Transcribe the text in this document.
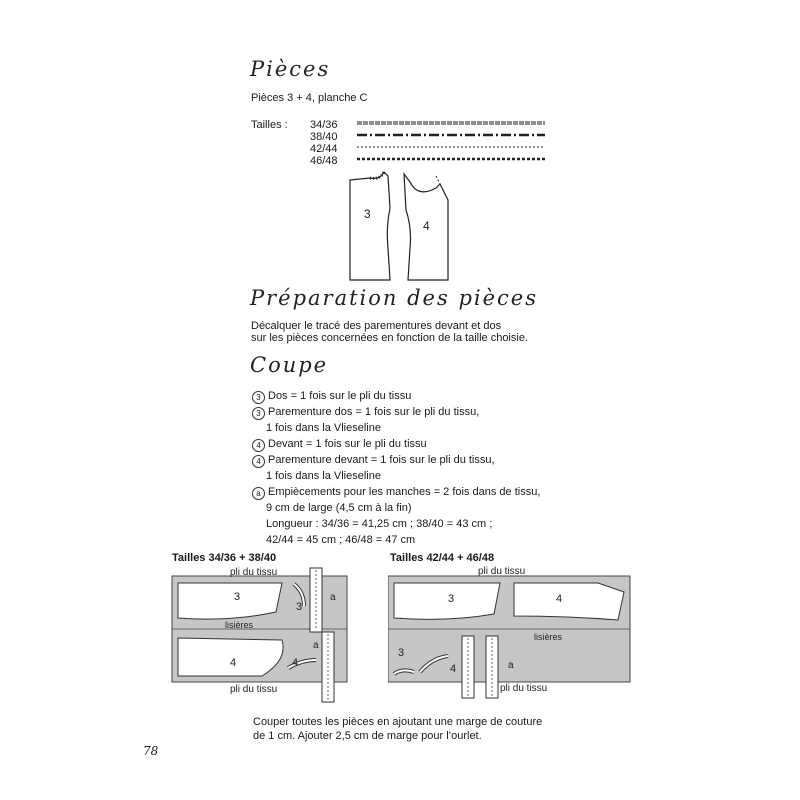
Pièces
Pièces 3 + 4, planche C
Tailles : 34/36
38/40
42/44
46/48
3
4
Préparation des pièces
Décalquer le tracé des parementures devant et dos
sur les pièces concernées en fonction de la taille choisie.
Coupe
3 Dos = 1 fois sur le pli du tissu
3 Parementure dos = 1 fois sur le pli du tissu,
1 fois dans la Vlieseline
4 Devant = 1 fois sur le pli du tissu
4 Parementure devant = 1 fois sur le pli du tissu,
1 fois dans la Vlieseline
a Empiècements pour les manches = 2 fois dans de tissu,
9 cm de large (4,5 cm à la fin)
Longueur : 34/36 = 41,25 cm ; 38/40 = 43 cm ;
42/44 = 45 cm ; 46/48 = 47 cm
Tailles 34/36 + 38/40	Tailles 42/44 + 46/48
3
4
3
4
a
a
lisières
pli du tissu
pli du tissu
3	4
3
4	a
lisières
pli du tissu
pli du tissu
Couper toutes les pièces en ajoutant une marge de couture
de 1 cm. Ajouter 2,5 cm de marge pour l’ourlet.
78
